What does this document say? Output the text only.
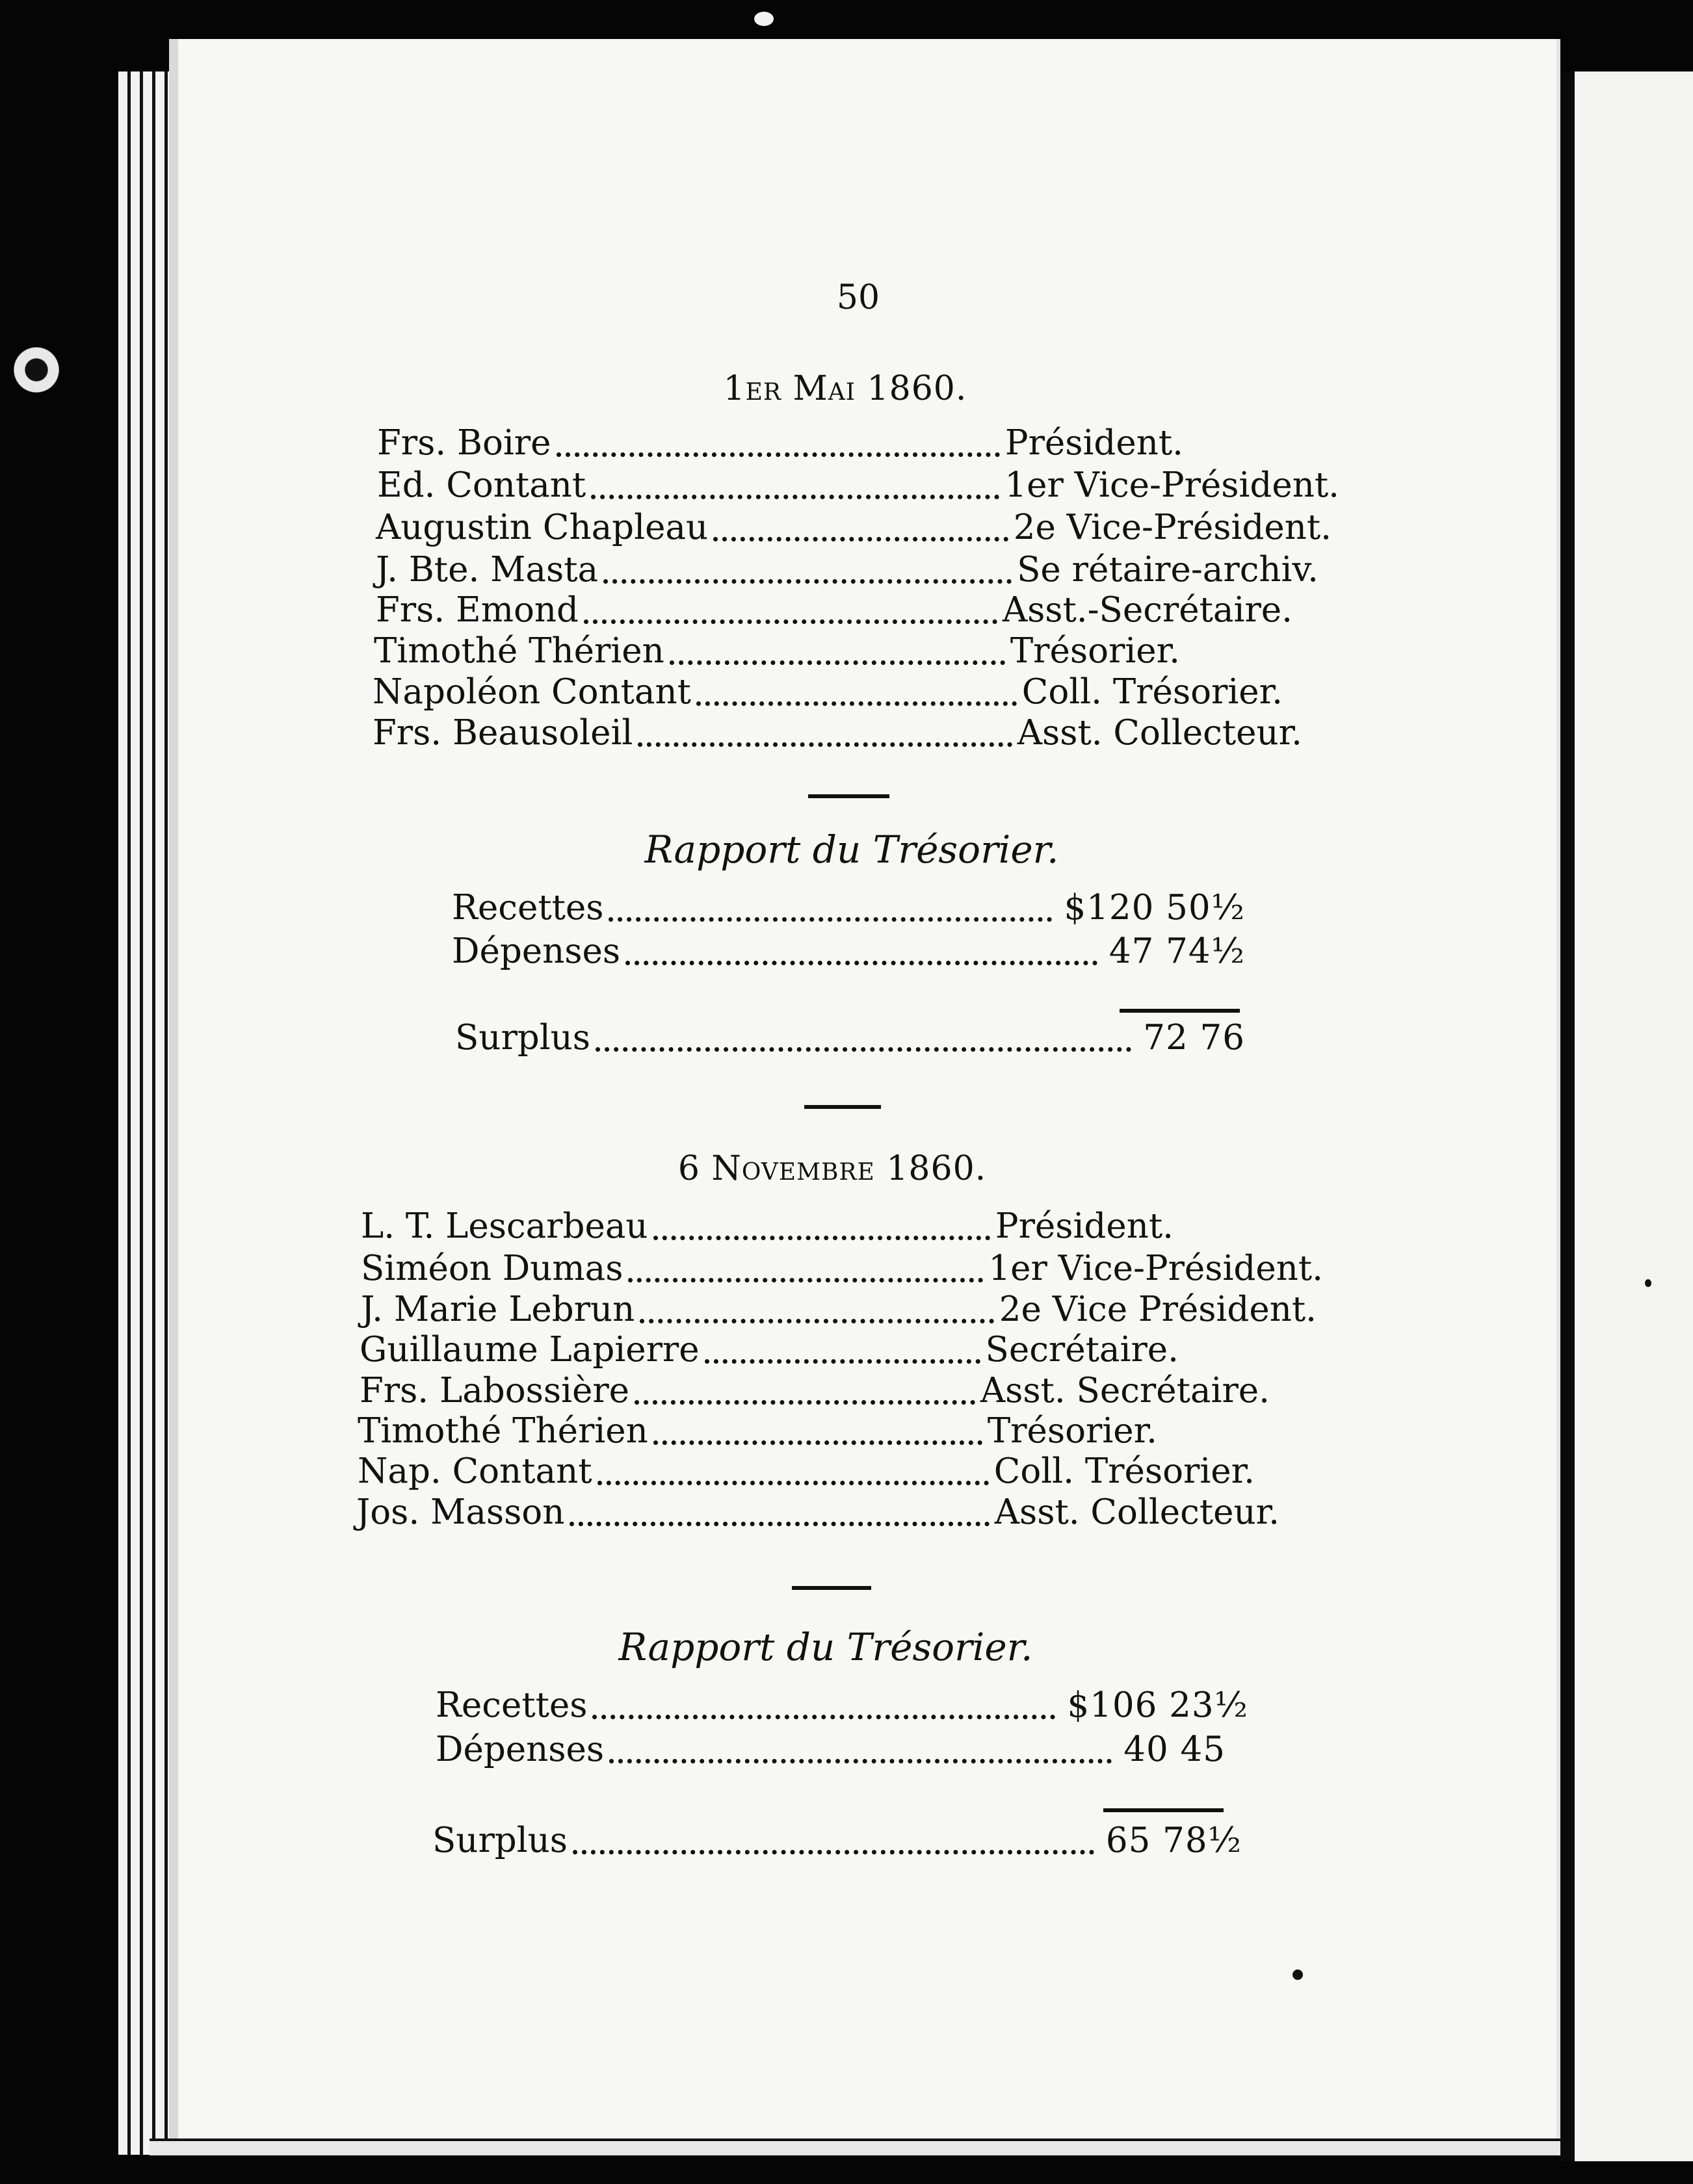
50
1er Mai 1860.
Frs. Boire	Président.
Ed. Contant	1er Vice-Président.
Augustin Chapleau	2e Vice-Président.
J. Bte. Masta	Se rétaire-archiv.
Frs. Emond	Asst.-Secrétaire.
Timothé Thérien	Trésorier.
Napoléon Contant	Coll. Trésorier.
Frs. Beausoleil	Asst. Collecteur.
Rapport du Trésorier.
Recettes	$120 50½
Dépenses	47 74½
Surplus	72 76
6 Novembre 1860.
L. T. Lescarbeau	Président.
Siméon Dumas	1er Vice-Président.
J. Marie Lebrun	2e Vice Président.
Guillaume Lapierre	Secrétaire.
Frs. Labossière	Asst. Secrétaire.
Timothé Thérien	Trésorier.
Nap. Contant	Coll. Trésorier.
Jos. Masson	Asst. Collecteur.
Rapport du Trésorier.
Recettes	$106 23½
Dépenses	40 45
Surplus	65 78½
